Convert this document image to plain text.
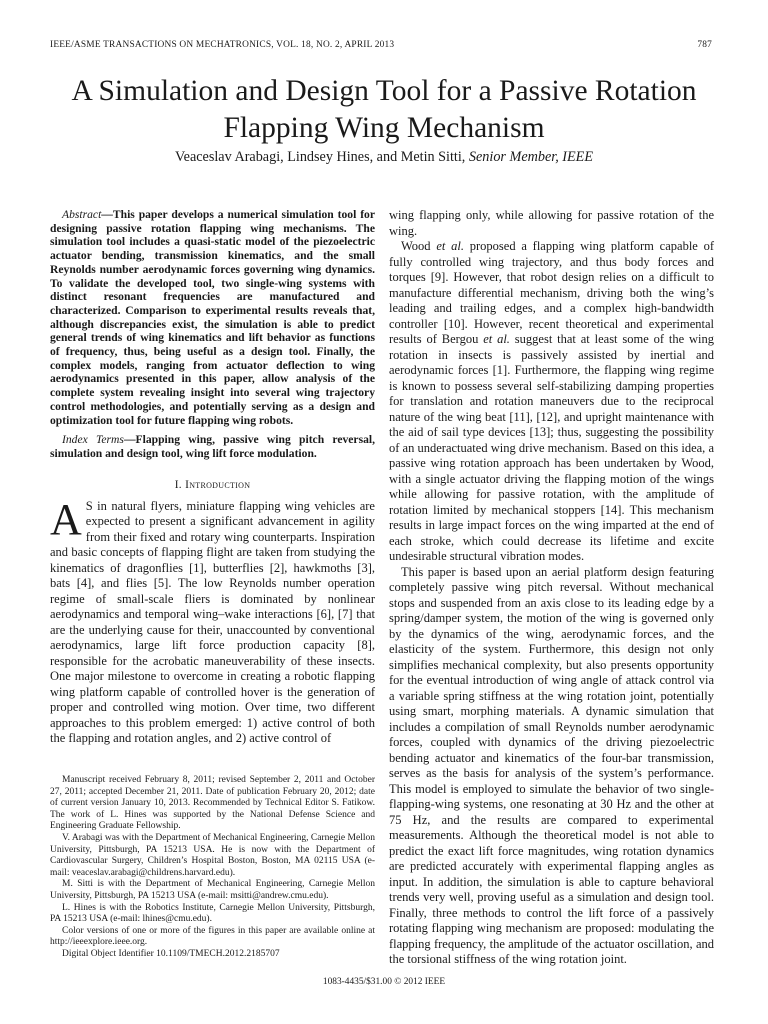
IEEE/ASME TRANSACTIONS ON MECHATRONICS, VOL. 18, NO. 2, APRIL 2013	787
A Simulation and Design Tool for a Passive Rotation
Flapping Wing Mechanism
Veaceslav Arabagi, Lindsey Hines, and Metin Sitti, Senior Member, IEEE

Abstract—This paper develops a numerical simulation tool for designing passive rotation flapping wing mechanisms. The simulation tool includes a quasi-static model of the piezoelectric actuator bending, transmission kinematics, and the small Reynolds number aerodynamic forces governing wing dynamics. To validate the developed tool, two single-wing systems with distinct resonant frequencies are manufactured and characterized. Comparison to experimental results reveals that, although discrepancies exist, the simulation is able to predict general trends of wing kinematics and lift behavior as functions of frequency, thus, being useful as a design tool. Finally, the complex models, ranging from actuator deflection to wing aerodynamics presented in this paper, allow analysis of the complete system revealing insight into several wing trajectory control methodologies, and potentially serving as a design and optimization tool for future flapping wing robots.

Index Terms—Flapping wing, passive wing pitch reversal, simulation and design tool, wing lift force modulation.

I. Introduction

A S in natural flyers, miniature flapping wing vehicles are expected to present a significant advancement in agility from their fixed and rotary wing counterparts. Inspiration and basic concepts of flapping flight are taken from studying the kinematics of dragonflies [1], butterflies [2], hawkmoths [3], bats [4], and flies [5]. The low Reynolds number operation regime of small-scale fliers is dominated by nonlinear aerodynamics and temporal wing–wake interactions [6], [7] that are the underlying cause for their, unaccounted by conventional aerodynamics, large lift force production capacity [8], responsible for the acrobatic maneuverability of these insects. One major milestone to overcome in creating a robotic flapping wing platform capable of controlled hover is the generation of proper and controlled wing motion. Over time, two different approaches to this problem emerged: 1) active control of both the flapping and rotation angles, and 2) active control of

Manuscript received February 8, 2011; revised September 2, 2011 and October 27, 2011; accepted December 21, 2011. Date of publication February 20, 2012; date of current version January 10, 2013. Recommended by Technical Editor S. Fatikow. The work of L. Hines was supported by the National Defense Science and Engineering Graduate Fellowship.

V. Arabagi was with the Department of Mechanical Engineering, Carnegie Mellon University, Pittsburgh, PA 15213 USA. He is now with the Department of Cardiovascular Surgery, Children’s Hospital Boston, Boston, MA 02115 USA (e-mail: veaceslav.arabagi@childrens.harvard.edu).

M. Sitti is with the Department of Mechanical Engineering, Carnegie Mellon University, Pittsburgh, PA 15213 USA (e-mail: msitti@andrew.cmu.edu).

L. Hines is with the Robotics Institute, Carnegie Mellon University, Pittsburgh, PA 15213 USA (e-mail: lhines@cmu.edu).

Color versions of one or more of the figures in this paper are available online at http://ieeexplore.ieee.org.

Digital Object Identifier 10.1109/TMECH.2012.2185707

wing flapping only, while allowing for passive rotation of the wing.

Wood et al. proposed a flapping wing platform capable of fully controlled wing trajectory, and thus body forces and torques [9]. However, that robot design relies on a difficult to manufacture differential mechanism, driving both the wing’s leading and trailing edges, and a complex high-bandwidth controller [10]. However, recent theoretical and experimental results of Bergou et al. suggest that at least some of the wing rotation in insects is passively assisted by inertial and aerodynamic forces [1]. Furthermore, the flapping wing regime is known to possess several self-stabilizing damping properties for translation and rotation maneuvers due to the reciprocal nature of the wing beat [11], [12], and upright maintenance with the aid of sail type devices [13]; thus, suggesting the possibility of an underactuated wing drive mechanism. Based on this idea, a passive wing rotation approach has been undertaken by Wood, with a single actuator driving the flapping motion of the wings while allowing for passive rotation, with the amplitude of rotation limited by mechanical stoppers [14]. This mechanism results in large impact forces on the wing imparted at the end of each stroke, which could decrease its lifetime and excite undesirable structural vibration modes.

This paper is based upon an aerial platform design featuring completely passive wing pitch reversal. Without mechanical stops and suspended from an axis close to its leading edge by a spring/damper system, the motion of the wing is governed only by the dynamics of the wing, aerodynamic forces, and the elasticity of the system. Furthermore, this design not only simplifies mechanical complexity, but also presents opportunity for the eventual introduction of wing angle of attack control via a variable spring stiffness at the wing rotation joint, potentially using smart, morphing materials. A dynamic simulation that includes a compilation of small Reynolds number aerodynamic forces, coupled with dynamics of the driving piezoelectric bending actuator and kinematics of the four-bar transmission, serves as the basis for analysis of the system’s performance. This model is employed to simulate the behavior of two single-flapping-wing systems, one resonating at 30 Hz and the other at 75 Hz, and the results are compared to experimental measurements. Although the theoretical model is not able to predict the exact lift force magnitudes, wing rotation dynamics are predicted accurately with experimental flapping angles as input. In addition, the simulation is able to capture behavioral trends very well, proving useful as a simulation and design tool. Finally, three methods to control the lift force of a passively rotating flapping wing mechanism are proposed: modulating the flapping frequency, the amplitude of the actuator oscillation, and the torsional stiffness of the wing rotation joint.

1083-4435/$31.00 © 2012 IEEE
